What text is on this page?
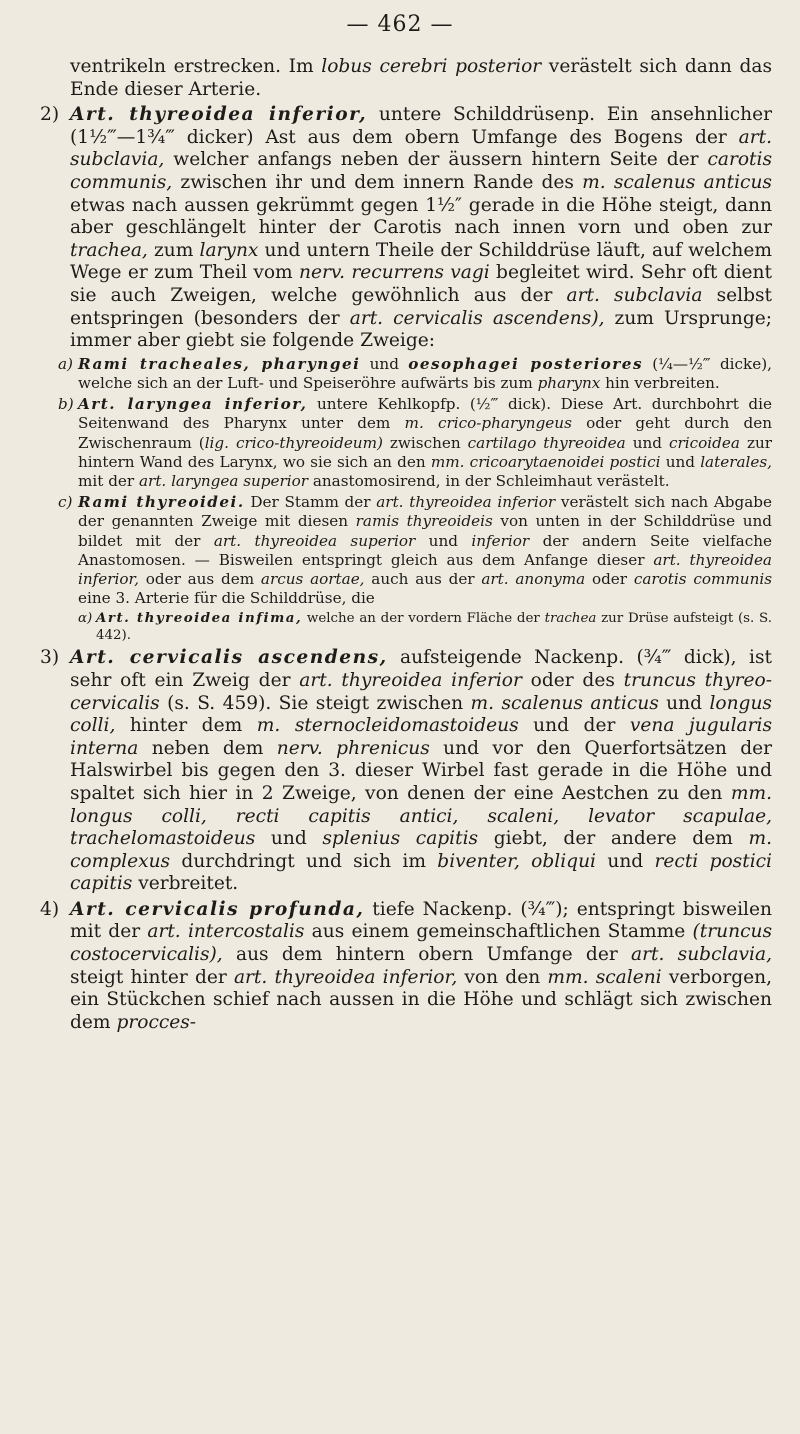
— 462 —

ventrikeln erstrecken. Im lobus cerebri posterior verästelt sich dann das Ende dieser Arterie.

2) Art. thyreoidea inferior, untere Schilddrüsenp. Ein ansehnlicher (1½‴—1¾‴ dicker) Ast aus dem obern Umfange des Bogens der art. subclavia, welcher anfangs neben der äussern hintern Seite der carotis communis, zwischen ihr und dem innern Rande des m. scalenus anticus etwas nach aussen gekrümmt gegen 1½″ gerade in die Höhe steigt, dann aber geschlängelt hinter der Carotis nach innen vorn und oben zur trachea, zum larynx und untern Theile der Schilddrüse läuft, auf welchem Wege er zum Theil vom nerv. recurrens vagi begleitet wird. Sehr oft dient sie auch Zweigen, welche gewöhnlich aus der art. subclavia selbst entspringen (besonders der art. cervicalis ascendens), zum Ursprunge; immer aber giebt sie folgende Zweige:

a) Rami tracheales, pharyngei und oesophagei posteriores (¼—½‴ dicke), welche sich an der Luft- und Speiseröhre aufwärts bis zum pharynx hin verbreiten.

b) Art. laryngea inferior, untere Kehlkopfp. (½‴ dick). Diese Art. durchbohrt die Seitenwand des Pharynx unter dem m. crico-pharyngeus oder geht durch den Zwischenraum (lig. crico-thyreoideum) zwischen cartilago thyreoidea und cricoidea zur hintern Wand des Larynx, wo sie sich an den mm. cricoarytaenoidei postici und laterales, mit der art. laryngea superior anastomosirend, in der Schleimhaut verästelt.

c) Rami thyreoidei. Der Stamm der art. thyreoidea inferior verästelt sich nach Abgabe der genannten Zweige mit diesen ramis thyreoideis von unten in der Schilddrüse und bildet mit der art. thyreoidea superior und inferior der andern Seite vielfache Anastomosen. — Bisweilen entspringt gleich aus dem Anfange dieser art. thyreoidea inferior, oder aus dem arcus aortae, auch aus der art. anonyma oder carotis communis eine 3. Arterie für die Schilddrüse, die

α) Art. thyreoidea infima, welche an der vordern Fläche der trachea zur Drüse aufsteigt (s. S. 442).

3) Art. cervicalis ascendens, aufsteigende Nackenp. (¾‴ dick), ist sehr oft ein Zweig der art. thyreoidea inferior oder des truncus thyreo-cervicalis (s. S. 459). Sie steigt zwischen m. scalenus anticus und longus colli, hinter dem m. sternocleidomastoideus und der vena jugularis interna neben dem nerv. phrenicus und vor den Querfortsätzen der Halswirbel bis gegen den 3. dieser Wirbel fast gerade in die Höhe und spaltet sich hier in 2 Zweige, von denen der eine Aestchen zu den mm. longus colli, recti capitis antici, scaleni, levator scapulae, trachelomastoideus und splenius capitis giebt, der andere dem m. complexus durchdringt und sich im biventer, obliqui und recti postici capitis verbreitet.

4) Art. cervicalis profunda, tiefe Nackenp. (¾‴); entspringt bisweilen mit der art. intercostalis aus einem gemeinschaftlichen Stamme (truncus costocervicalis), aus dem hintern obern Umfange der art. subclavia, steigt hinter der art. thyreoidea inferior, von den mm. scaleni verborgen, ein Stückchen schief nach aussen in die Höhe und schlägt sich zwischen dem procces-
